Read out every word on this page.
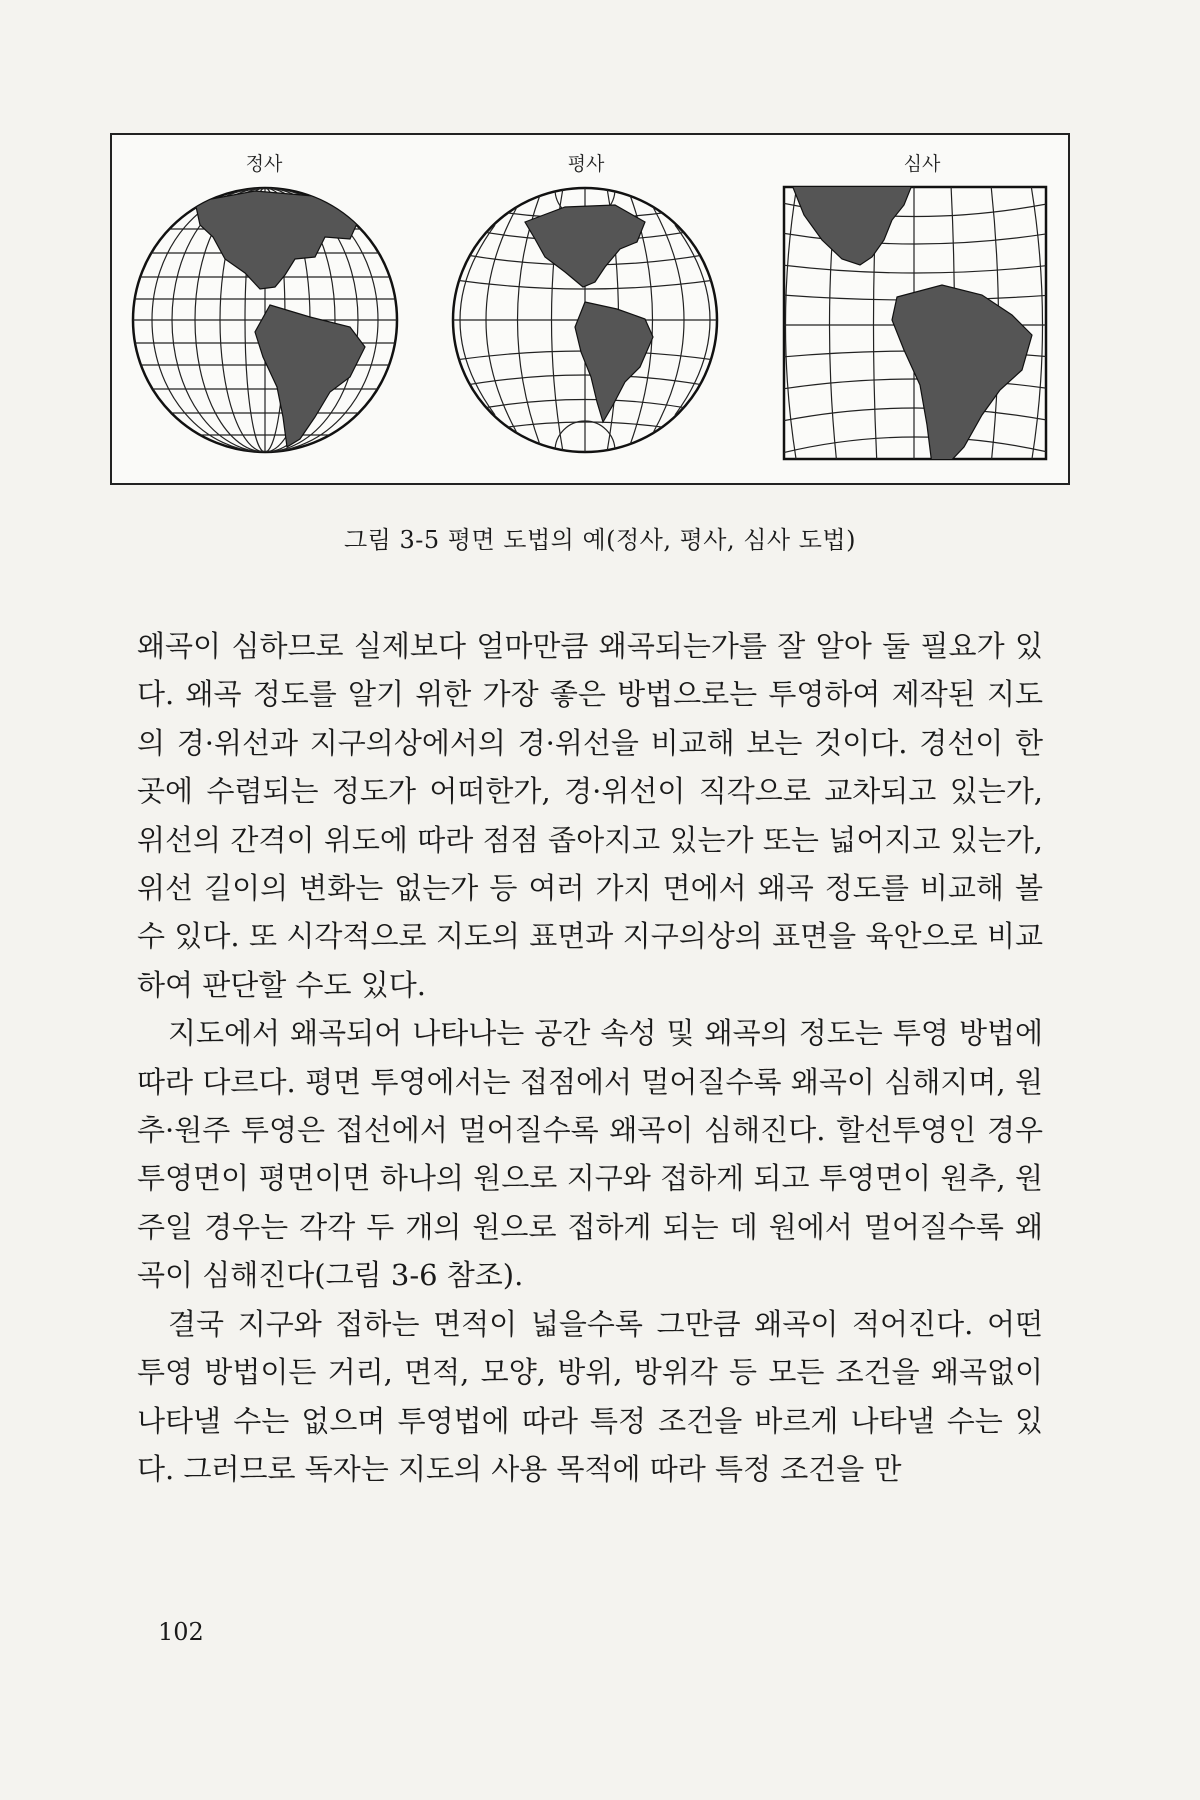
정사	평사	심사
그림 3-5 평면 도법의 예(정사, 평사, 심사 도법)

왜곡이 심하므로 실제보다 얼마만큼 왜곡되는가를 잘 알아 둘 필요가 있다. 왜곡 정도를 알기 위한 가장 좋은 방법으로는 투영하여 제작된 지도의 경·위선과 지구의상에서의 경·위선을 비교해 보는 것이다. 경선이 한 곳에 수렴되는 정도가 어떠한가, 경·위선이 직각으로 교차되고 있는가, 위선의 간격이 위도에 따라 점점 좁아지고 있는가 또는 넓어지고 있는가, 위선 길이의 변화는 없는가 등 여러 가지 면에서 왜곡 정도를 비교해 볼 수 있다. 또 시각적으로 지도의 표면과 지구의상의 표면을 육안으로 비교하여 판단할 수도 있다.

지도에서 왜곡되어 나타나는 공간 속성 및 왜곡의 정도는 투영 방법에 따라 다르다. 평면 투영에서는 접점에서 멀어질수록 왜곡이 심해지며, 원추·원주 투영은 접선에서 멀어질수록 왜곡이 심해진다. 할선투영인 경우 투영면이 평면이면 하나의 원으로 지구와 접하게 되고 투영면이 원추, 원주일 경우는 각각 두 개의 원으로 접하게 되는 데 원에서 멀어질수록 왜곡이 심해진다(그림 3-6 참조).

결국 지구와 접하는 면적이 넓을수록 그만큼 왜곡이 적어진다. 어떤 투영 방법이든 거리, 면적, 모양, 방위, 방위각 등 모든 조건을 왜곡없이 나타낼 수는 없으며 투영법에 따라 특정 조건을 바르게 나타낼 수는 있다. 그러므로 독자는 지도의 사용 목적에 따라 특정 조건을 만

102
